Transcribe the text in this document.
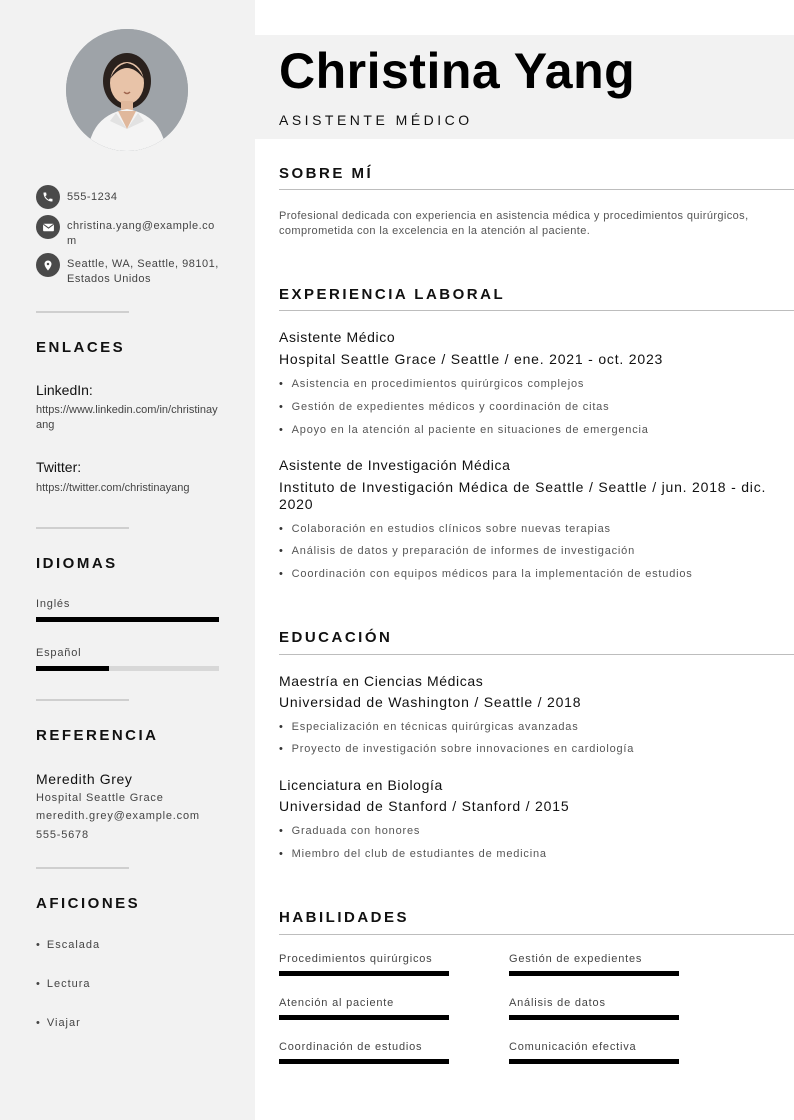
555-1234
christina.yang@example.com
Seattle, WA, Seattle, 98101, Estados Unidos
ENLACES
LinkedIn:
https://www.linkedin.com/in/christinayang
Twitter:
https://twitter.com/christinayang
IDIOMAS
Inglés
Español
REFERENCIA
Meredith Grey
Hospital Seattle Grace
meredith.grey@example.com
555-5678
AFICIONES
• Escalada
• Lectura
• Viajar
Christina Yang
ASISTENTE MÉDICO
SOBRE MÍ
Profesional dedicada con experiencia en asistencia médica y procedimientos quirúrgicos, comprometida con la excelencia en la atención al paciente.
EXPERIENCIA LABORAL
Asistente Médico
Hospital Seattle Grace / Seattle / ene. 2021 - oct. 2023
• Asistencia en procedimientos quirúrgicos complejos
• Gestión de expedientes médicos y coordinación de citas
• Apoyo en la atención al paciente en situaciones de emergencia
Asistente de Investigación Médica
Instituto de Investigación Médica de Seattle / Seattle / jun. 2018 - dic. 2020
• Colaboración en estudios clínicos sobre nuevas terapias
• Análisis de datos y preparación de informes de investigación
• Coordinación con equipos médicos para la implementación de estudios
EDUCACIÓN
Maestría en Ciencias Médicas
Universidad de Washington / Seattle / 2018
• Especialización en técnicas quirúrgicas avanzadas
• Proyecto de investigación sobre innovaciones en cardiología
Licenciatura en Biología
Universidad de Stanford / Stanford / 2015
• Graduada con honores
• Miembro del club de estudiantes de medicina
HABILIDADES
Procedimientos quirúrgicos	Gestión de expedientes
Atención al paciente	Análisis de datos
Coordinación de estudios	Comunicación efectiva
